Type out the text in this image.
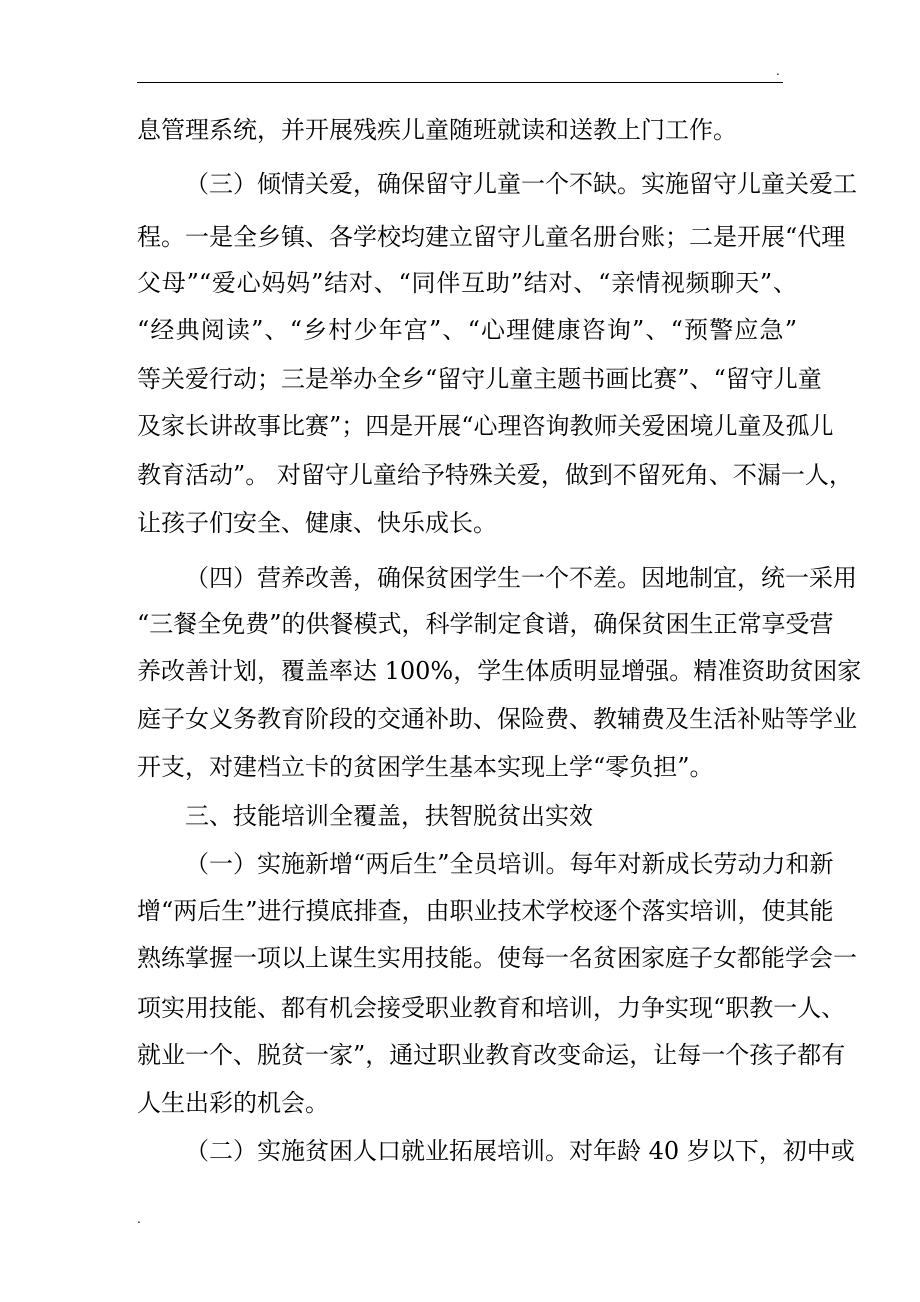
.
息管理系统，并开展残疾儿童随班就读和送教上门工作。
（三）倾情关爱，确保留守儿童一个不缺。实施留守儿童关爱工
程。一是全乡镇、各学校均建立留守儿童名册台账；二是开展“代理
父母”“爱心妈妈”结对、“同伴互助”结对、“亲情视频聊天”、
“经典阅读”、“乡村少年宫”、“心理健康咨询”、“预警应急”
等关爱行动；三是举办全乡“留守儿童主题书画比赛”、“留守儿童
及家长讲故事比赛”；四是开展“心理咨询教师关爱困境儿童及孤儿
教育活动”。 对留守儿童给予特殊关爱，做到不留死角、不漏一人，
让孩子们安全、健康、快乐成长。
（四）营养改善，确保贫困学生一个不差。因地制宜，统一采用
“三餐全免费”的供餐模式，科学制定食谱，确保贫困生正常享受营
养改善计划，覆盖率达 100%，学生体质明显增强。精准资助贫困家
庭子女义务教育阶段的交通补助、保险费、教辅费及生活补贴等学业
开支，对建档立卡的贫困学生基本实现上学“零负担”。
三、技能培训全覆盖，扶智脱贫出实效
（一）实施新增“两后生”全员培训。每年对新成长劳动力和新
增“两后生”进行摸底排查，由职业技术学校逐个落实培训，使其能
熟练掌握一项以上谋生实用技能。使每一名贫困家庭子女都能学会一
项实用技能、都有机会接受职业教育和培训，力争实现“职教一人、
就业一个、脱贫一家”，通过职业教育改变命运，让每一个孩子都有
人生出彩的机会。
（二）实施贫困人口就业拓展培训。对年龄 40 岁以下，初中或
.
